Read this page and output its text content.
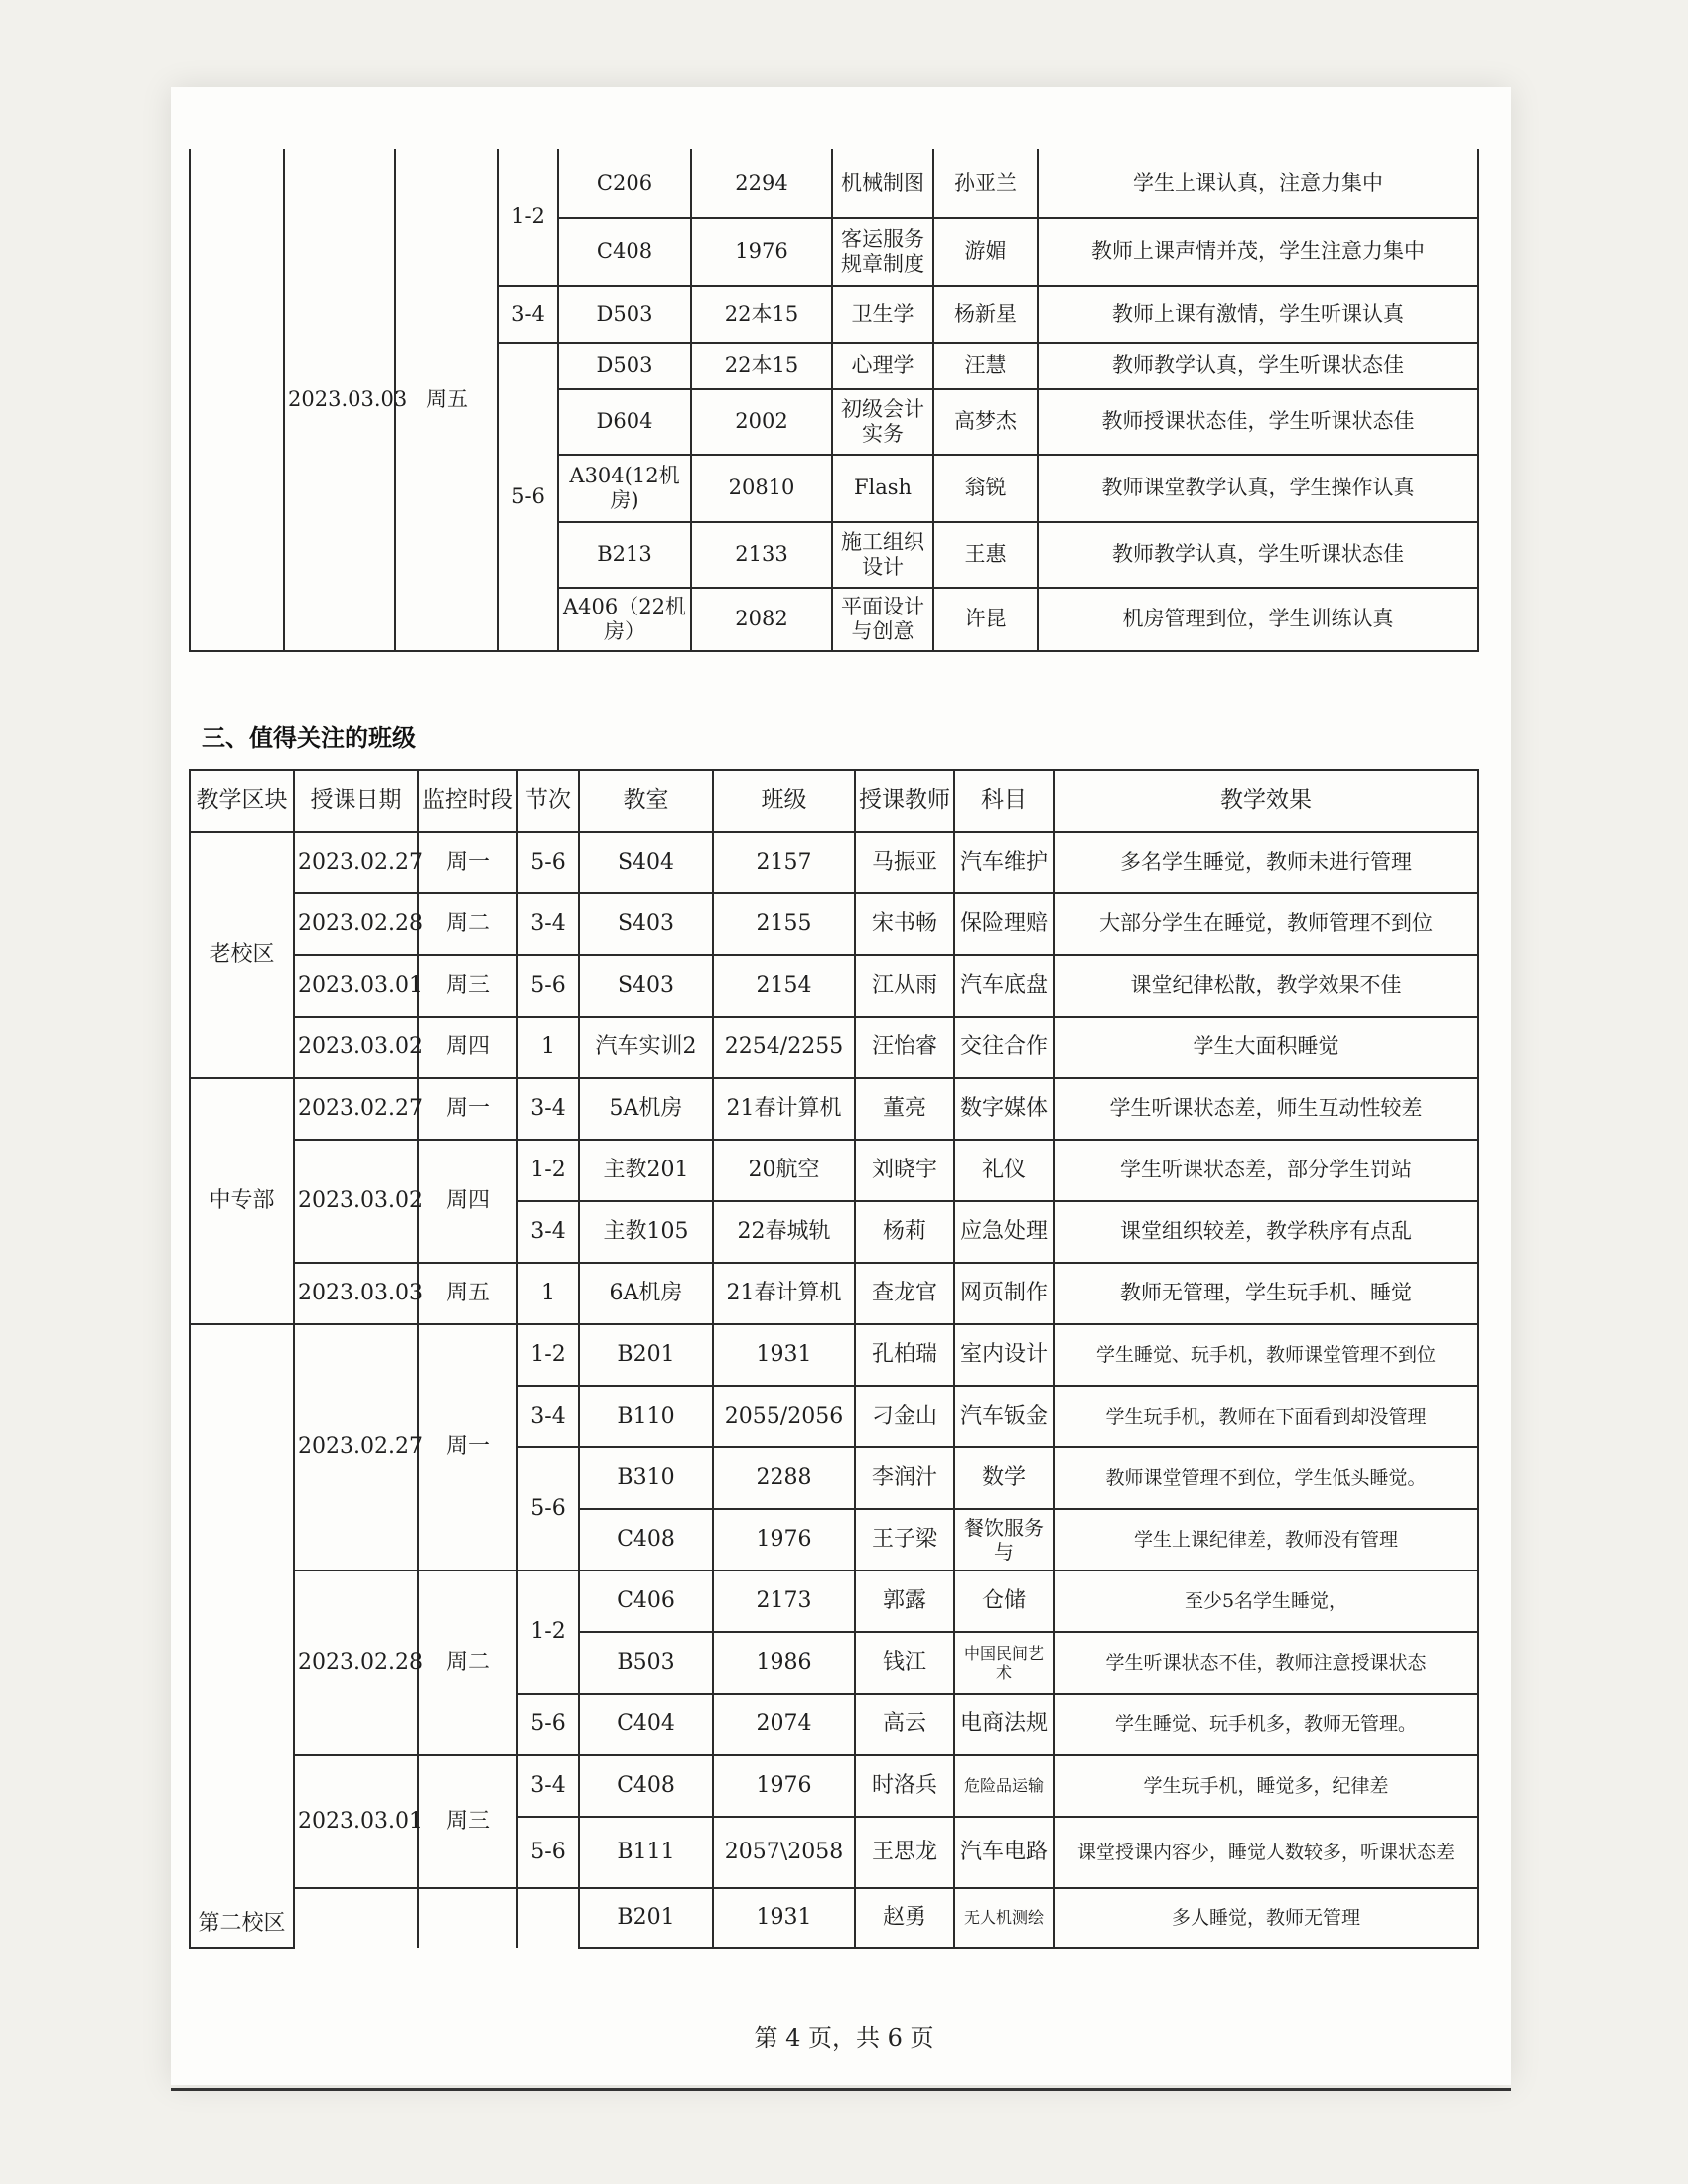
	2023.03.03	周五	1-2	C206	2294	机械制图	孙亚兰	学生上课认真，注意力集中
				C408	1976	客运服务规章制度	游媚	教师上课声情并茂，学生注意力集中
			3-4	D503	22本15	卫生学	杨新星	教师上课有激情，学生听课认真
			5-6	D503	22本15	心理学	汪慧	教师教学认真，学生听课状态佳
				D604	2002	初级会计实务	高梦杰	教师授课状态佳，学生听课状态佳
				A304(12机房)	20810	Flash	翁锐	教师课堂教学认真，学生操作认真
				B213	2133	施工组织设计	王惠	教师教学认真，学生听课状态佳
				A406（22机房）	2082	平面设计与创意	许昆	机房管理到位，学生训练认真
三、值得关注的班级
教学区块	授课日期	监控时段	节次	教室	班级	授课教师	科目	教学效果
老校区	2023.02.27	周一	5-6	S404	2157	马振亚	汽车维护	多名学生睡觉，教师未进行管理
	2023.02.28	周二	3-4	S403	2155	宋书畅	保险理赔	大部分学生在睡觉，教师管理不到位
	2023.03.01	周三	5-6	S403	2154	江从雨	汽车底盘	课堂纪律松散，教学效果不佳
	2023.03.02	周四	1	汽车实训2	2254/2255	汪怡睿	交往合作	学生大面积睡觉
中专部	2023.02.27	周一	3-4	5A机房	21春计算机	董亮	数字媒体	学生听课状态差，师生互动性较差
	2023.03.02	周四	1-2	主教201	20航空	刘晓宇	礼仪	学生听课状态差，部分学生罚站
			3-4	主教105	22春城轨	杨莉	应急处理	课堂组织较差，教学秩序有点乱
	2023.03.03	周五	1	6A机房	21春计算机	查龙官	网页制作	教师无管理，学生玩手机、睡觉
第二校区	2023.02.27	周一	1-2	B201	1931	孔柏瑞	室内设计	学生睡觉、玩手机，教师课堂管理不到位
			3-4	B110	2055/2056	刁金山	汽车钣金	学生玩手机，教师在下面看到却没管理
			5-6	B310	2288	李润汁	数学	教师课堂管理不到位，学生低头睡觉。
				C408	1976	王子梁	餐饮服务与	学生上课纪律差，教师没有管理
	2023.02.28	周二	1-2	C406	2173	郭露	仓储	至少5名学生睡觉，
				B503	1986	钱江	中国民间艺术	学生听课状态不佳，教师注意授课状态
			5-6	C404	2074	高云	电商法规	学生睡觉、玩手机多，教师无管理。
	2023.03.01	周三	3-4	C408	1976	时洛兵	危险品运输	学生玩手机，睡觉多，纪律差
			5-6	B111	2057\2058	王思龙	汽车电路	课堂授课内容少，睡觉人数较多，听课状态差
				B201	1931	赵勇	无人机测绘	多人睡觉，教师无管理
第 4 页，共 6 页
